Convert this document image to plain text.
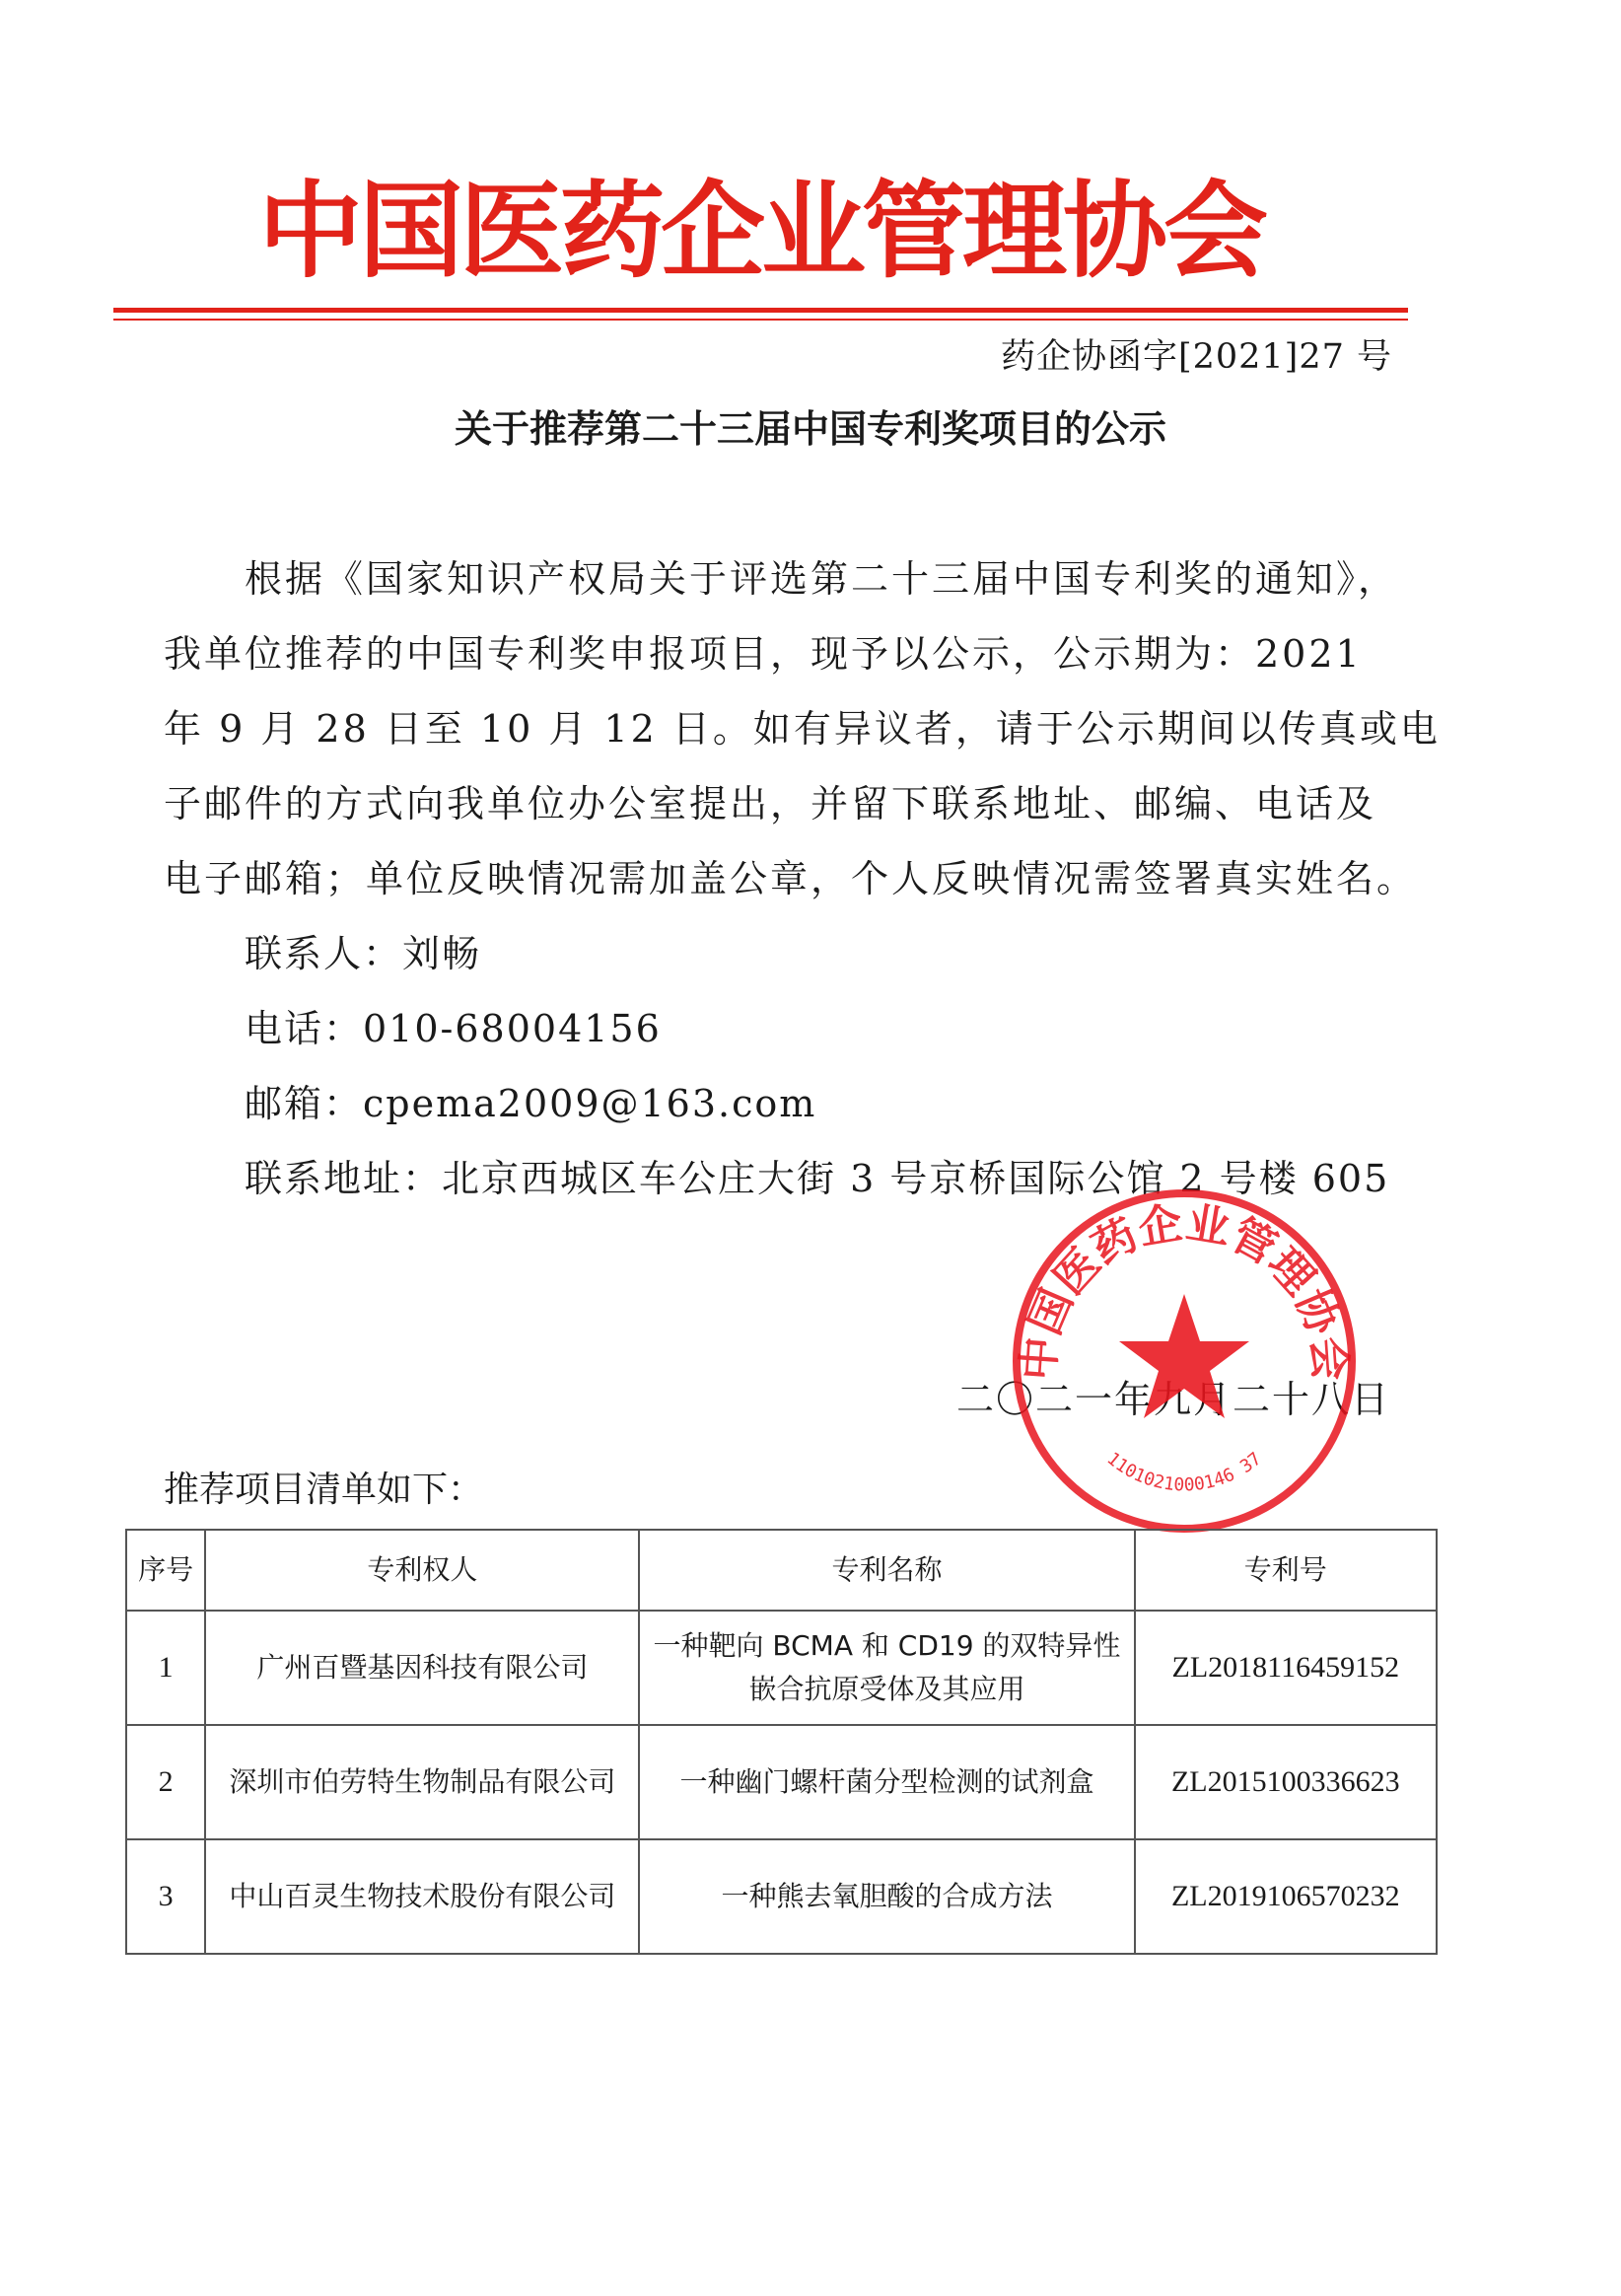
中国医药企业管理协会
药企协函字[2021]27 号
关于推荐第二十三届中国专利奖项目的公示
根据《国家知识产权局关于评选第二十三届中国专利奖的通知》，
我单位推荐的中国专利奖申报项目，现予以公示，公示期为：2021
年 9 月 28 日至 10 月 12 日。如有异议者，请于公示期间以传真或电
子邮件的方式向我单位办公室提出，并留下联系地址、邮编、电话及
电子邮箱；单位反映情况需加盖公章，个人反映情况需签署真实姓名。
联系人：刘畅
电话：010-68004156
邮箱：cpema2009@163.com
联系地址：北京西城区车公庄大街 3 号京桥国际公馆 2 号楼 605
二〇二一年九月二十八日
中国医药企业管理协会
1101021000146 37
推荐项目清单如下：
序号	专利权人	专利名称	专利号
1	广州百暨基因科技有限公司	一种靶向 BCMA 和 CD19 的双特异性
嵌合抗原受体及其应用	ZL2018116459152
2	深圳市伯劳特生物制品有限公司	一种幽门螺杆菌分型检测的试剂盒	ZL2015100336623
3	中山百灵生物技术股份有限公司	一种熊去氧胆酸的合成方法	ZL2019106570232
